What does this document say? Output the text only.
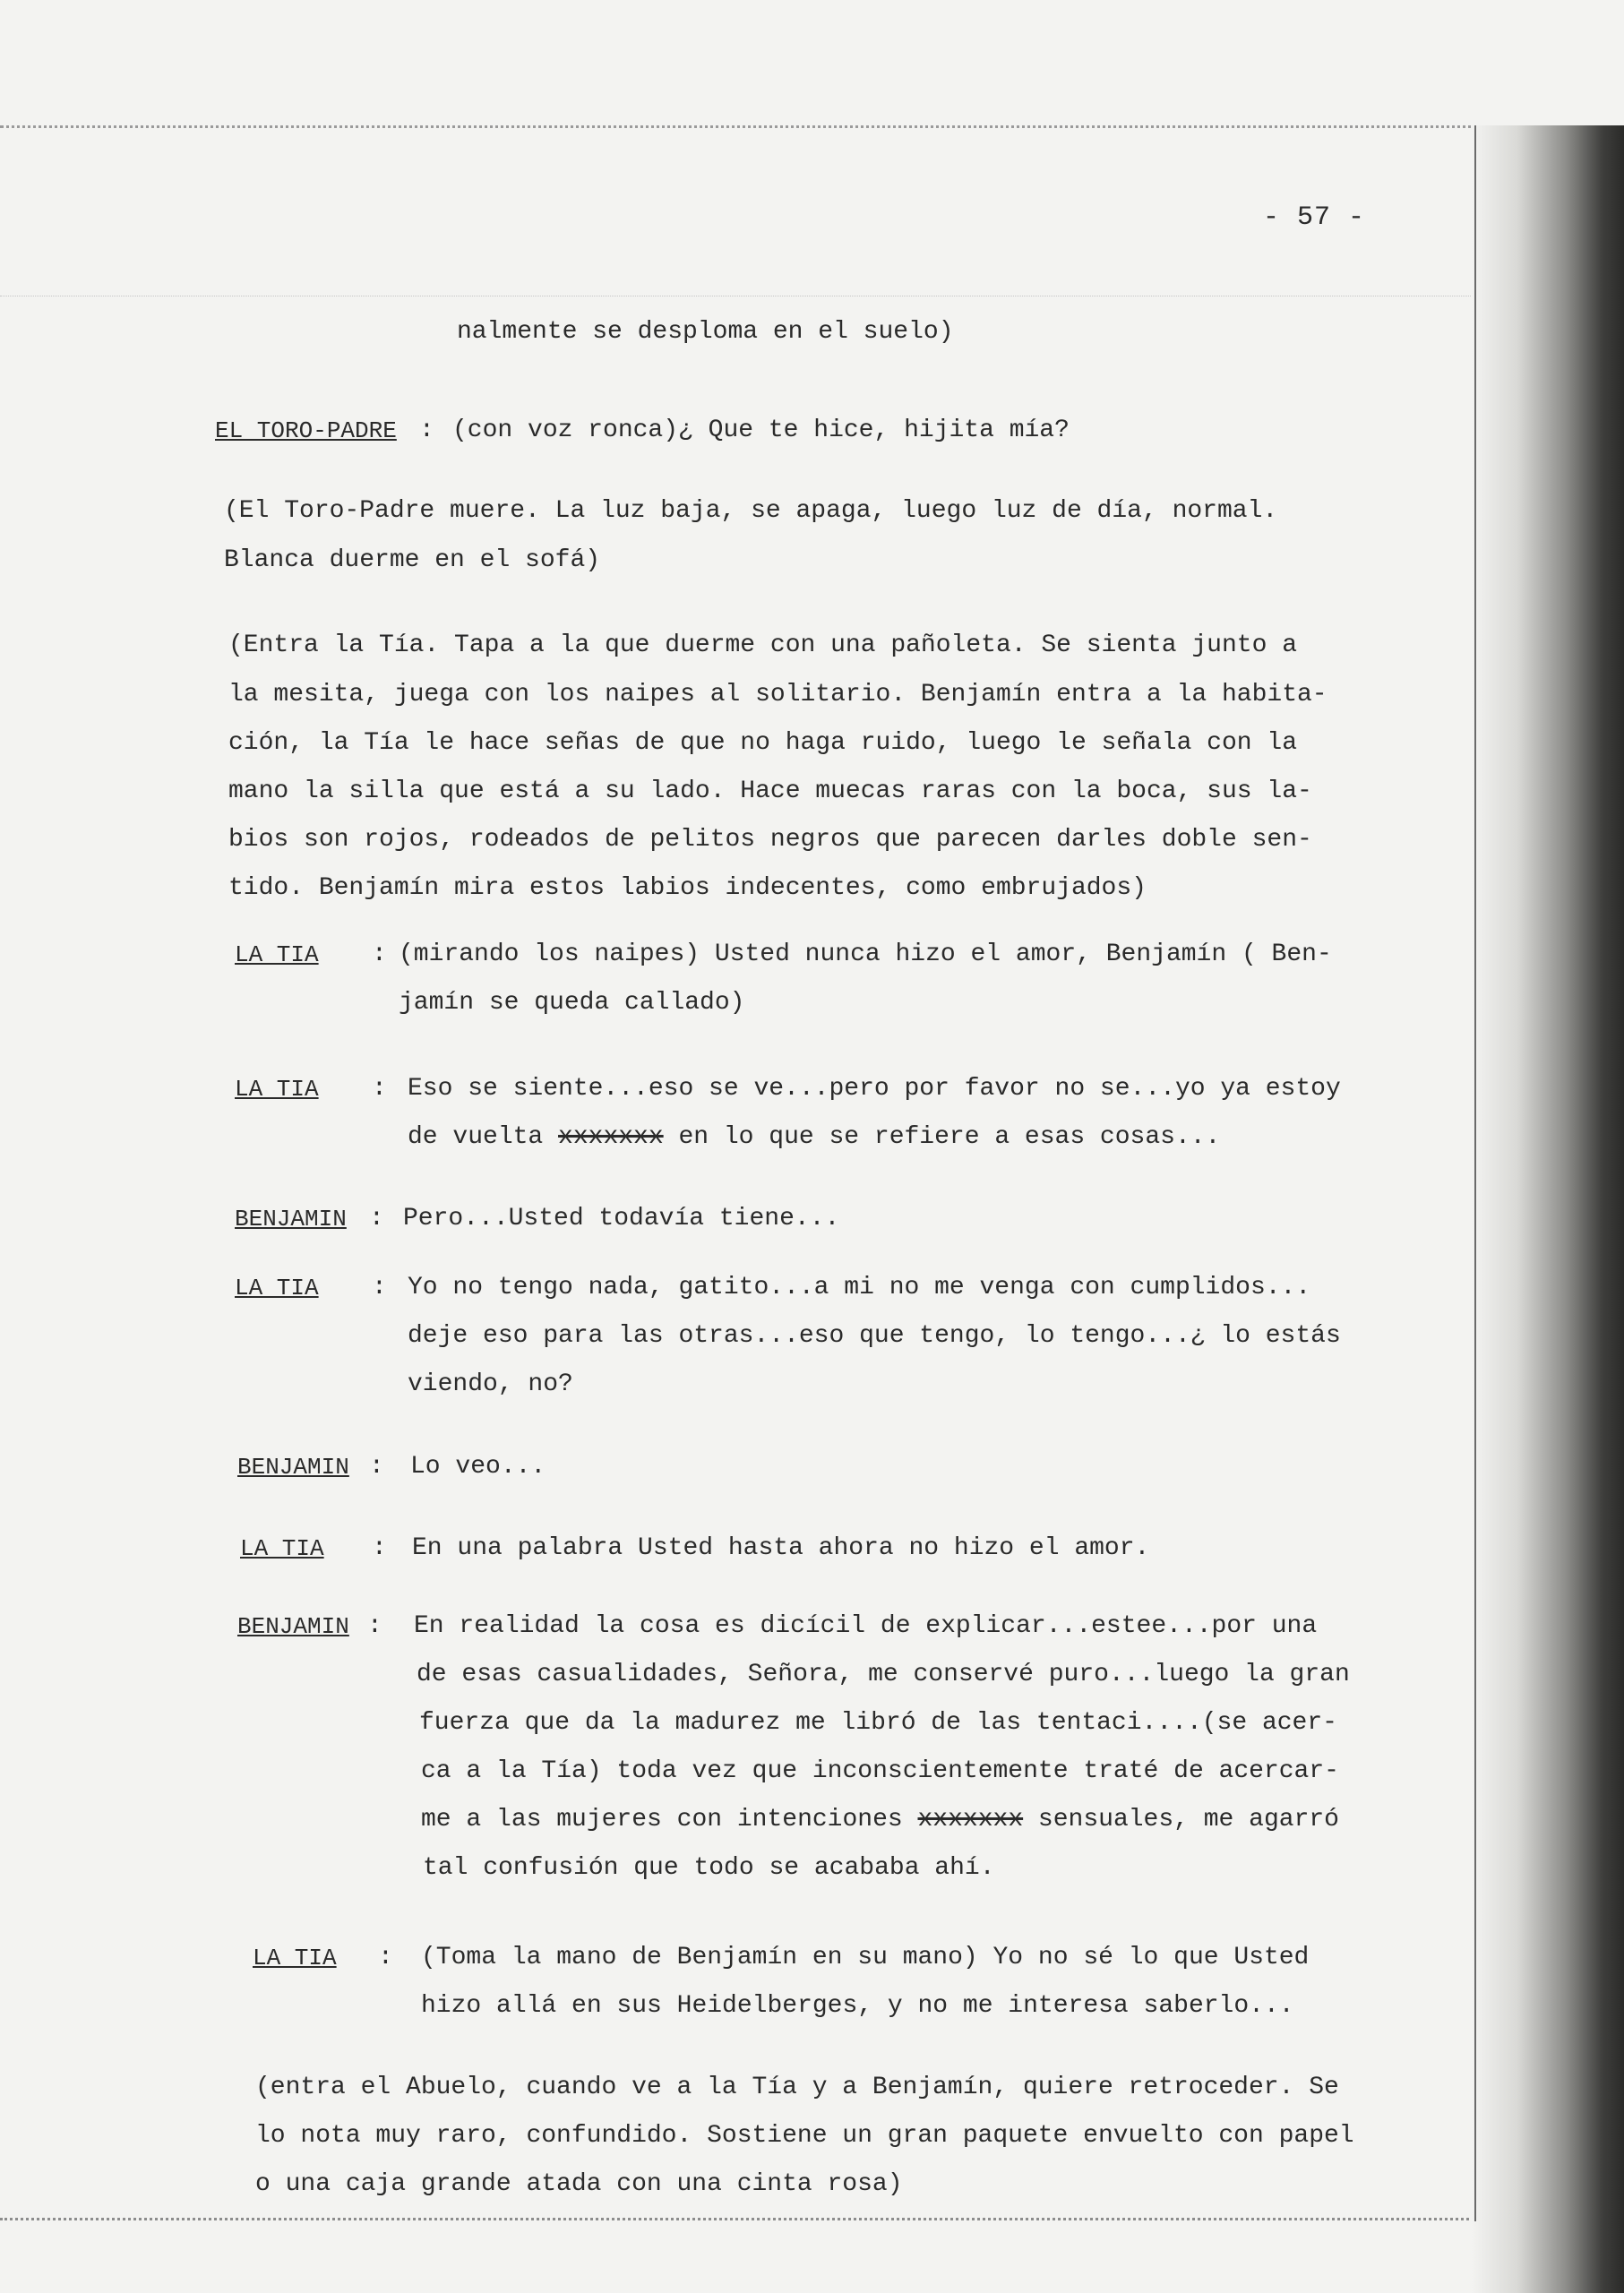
- 57 -
nalmente se desploma en el suelo)
EL TORO-PADRE : (con voz ronca)¿ Que te hice, hijita mía?
(El Toro-Padre muere. La luz baja, se apaga, luego luz de día, normal.
Blanca duerme en el sofá)
(Entra la Tía. Tapa a la que duerme con una pañoleta. Se sienta junto a
la mesita, juega con los naipes al solitario. Benjamín entra a la habita-
ción, la Tía le hace señas de que no haga ruido, luego le señala con la
mano la silla que está a su lado. Hace muecas raras con la boca, sus la-
bios son rojos, rodeados de pelitos negros que parecen darles doble sen-
tido. Benjamín mira estos labios indecentes, como embrujados)
LA TIA : (mirando los naipes) Usted nunca hizo el amor, Benjamín ( Ben-
jamín se queda callado)
LA TIA : Eso se siente...eso se ve...pero por favor no se...yo ya estoy
de vuelta xxxxxxx en lo que se refiere a esas cosas...
BENJAMIN : Pero...Usted todavía tiene...
LA TIA : Yo no tengo nada, gatito...a mi no me venga con cumplidos...
deje eso para las otras...eso que tengo, lo tengo...¿ lo estás
viendo, no?
BENJAMIN : Lo veo...
LA TIA : En una palabra Usted hasta ahora no hizo el amor.
BENJAMIN : En realidad la cosa es dicícil de explicar...estee...por una
de esas casualidades, Señora, me conservé puro...luego la gran
fuerza que da la madurez me libró de las tentaci....(se acer-
ca a la Tía) toda vez que inconscientemente traté de acercar-
me a las mujeres con intenciones xxxxxxx sensuales, me agarró
tal confusión que todo se acababa ahí.
LA TIA : (Toma la mano de Benjamín en su mano) Yo no sé lo que Usted
hizo allá en sus Heidelberges, y no me interesa saberlo...
(entra el Abuelo, cuando ve a la Tía y a Benjamín, quiere retroceder. Se
lo nota muy raro, confundido. Sostiene un gran paquete envuelto con papel
o una caja grande atada con una cinta rosa)
